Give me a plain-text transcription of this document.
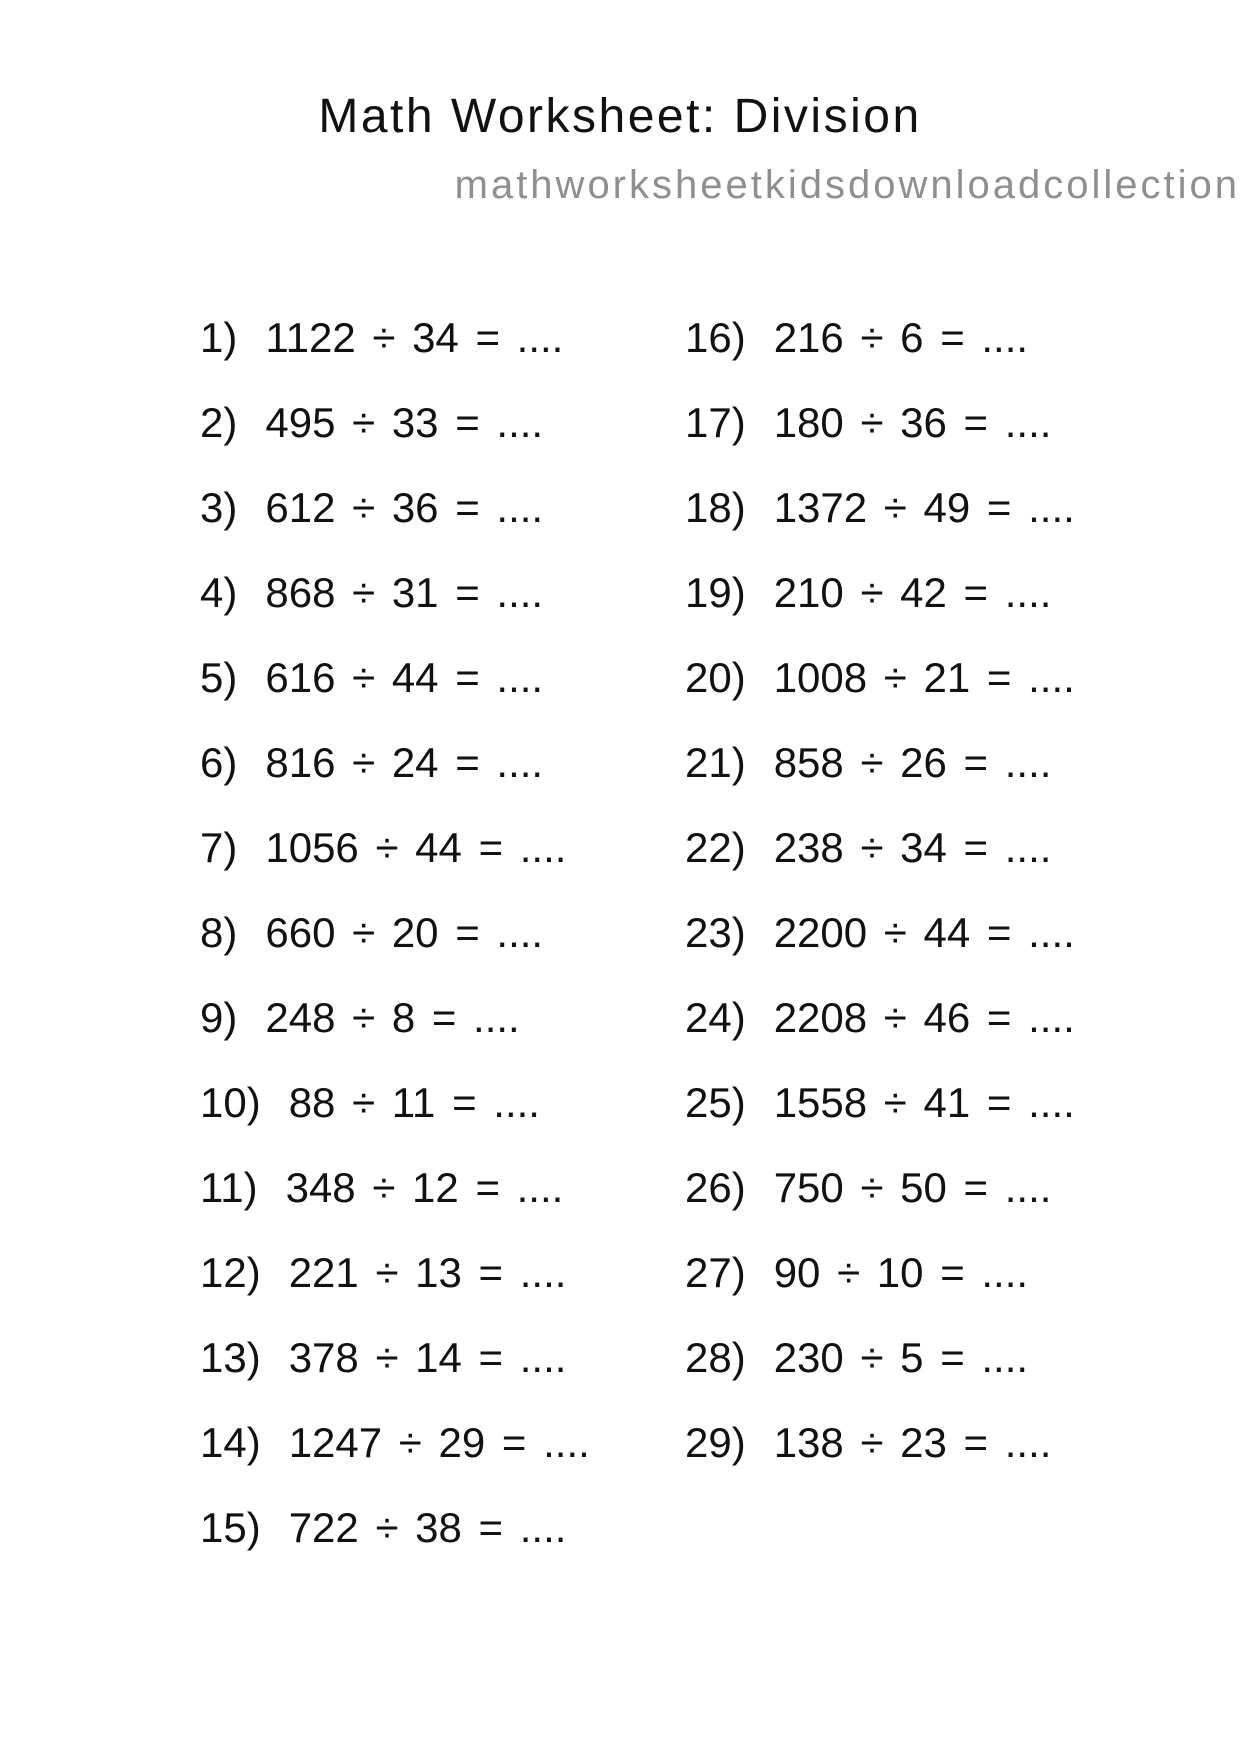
Math Worksheet: Division
mathworksheetkidsdownloadcollection
1) 1122 ÷ 34 = ....
2) 495 ÷ 33 = ....
3) 612 ÷ 36 = ....
4) 868 ÷ 31 = ....
5) 616 ÷ 44 = ....
6) 816 ÷ 24 = ....
7) 1056 ÷ 44 = ....
8) 660 ÷ 20 = ....
9) 248 ÷ 8 = ....
10) 88 ÷ 11 = ....
11) 348 ÷ 12 = ....
12) 221 ÷ 13 = ....
13) 378 ÷ 14 = ....
14) 1247 ÷ 29 = ....
15) 722 ÷ 38 = ....
16) 216 ÷ 6 = ....
17) 180 ÷ 36 = ....
18) 1372 ÷ 49 = ....
19) 210 ÷ 42 = ....
20) 1008 ÷ 21 = ....
21) 858 ÷ 26 = ....
22) 238 ÷ 34 = ....
23) 2200 ÷ 44 = ....
24) 2208 ÷ 46 = ....
25) 1558 ÷ 41 = ....
26) 750 ÷ 50 = ....
27) 90 ÷ 10 = ....
28) 230 ÷ 5 = ....
29) 138 ÷ 23 = ....
